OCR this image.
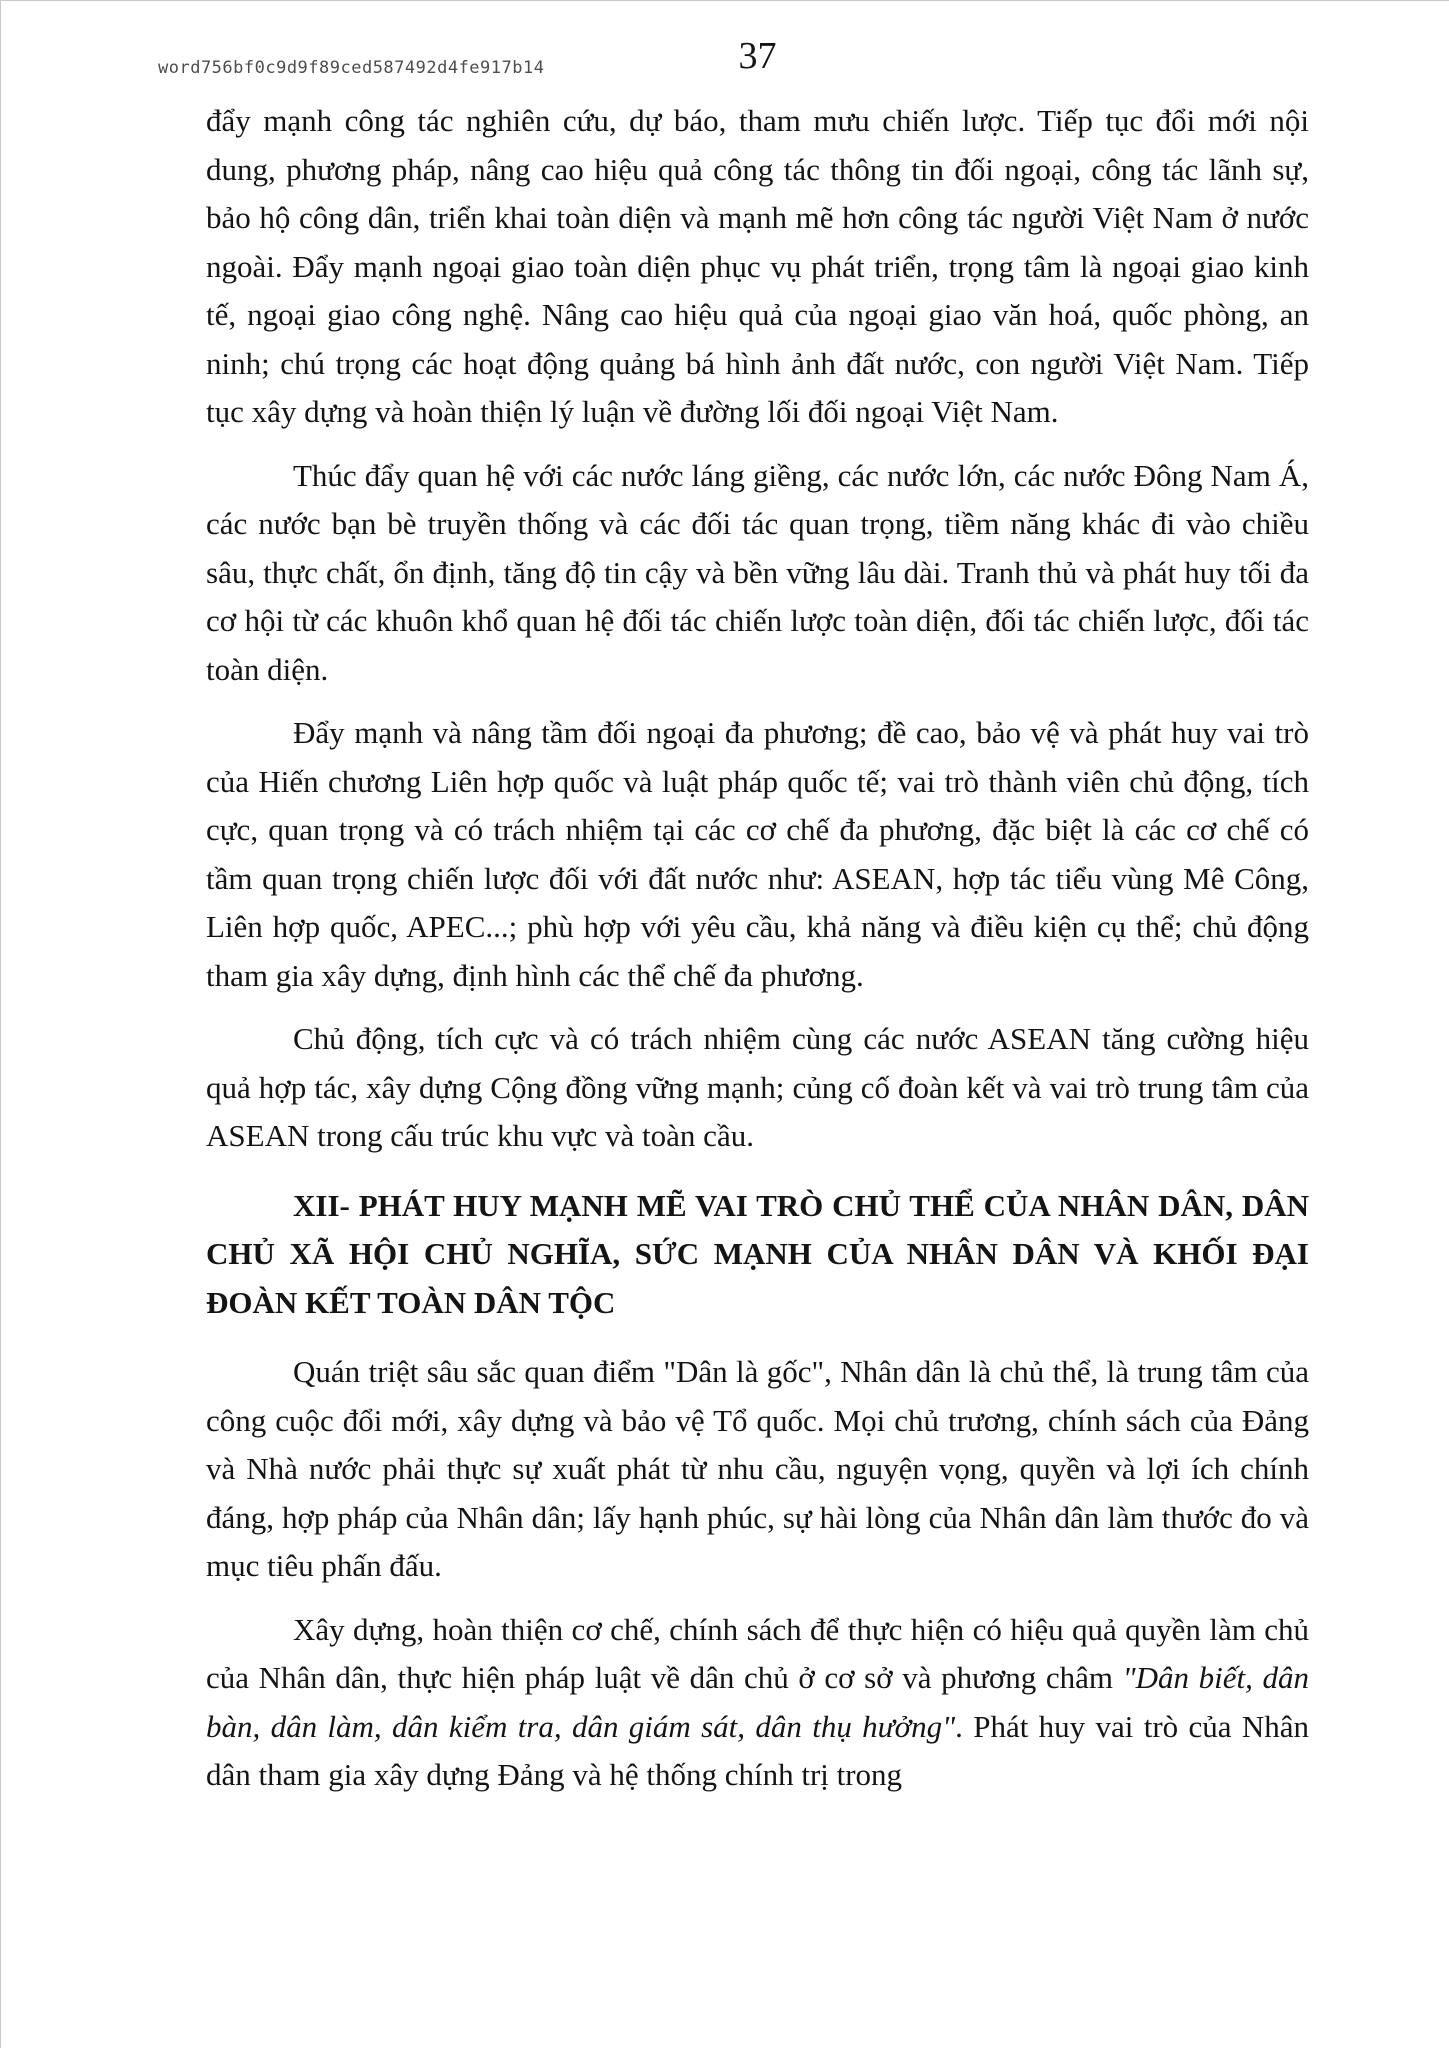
word756bf0c9d9f89ced587492d4fe917b14	37

đẩy mạnh công tác nghiên cứu, dự báo, tham mưu chiến lược. Tiếp tục đổi mới nội dung, phương pháp, nâng cao hiệu quả công tác thông tin đối ngoại, công tác lãnh sự, bảo hộ công dân, triển khai toàn diện và mạnh mẽ hơn công tác người Việt Nam ở nước ngoài. Đẩy mạnh ngoại giao toàn diện phục vụ phát triển, trọng tâm là ngoại giao kinh tế, ngoại giao công nghệ. Nâng cao hiệu quả của ngoại giao văn hoá, quốc phòng, an ninh; chú trọng các hoạt động quảng bá hình ảnh đất nước, con người Việt Nam. Tiếp tục xây dựng và hoàn thiện lý luận về đường lối đối ngoại Việt Nam.

Thúc đẩy quan hệ với các nước láng giềng, các nước lớn, các nước Đông Nam Á, các nước bạn bè truyền thống và các đối tác quan trọng, tiềm năng khác đi vào chiều sâu, thực chất, ổn định, tăng độ tin cậy và bền vững lâu dài. Tranh thủ và phát huy tối đa cơ hội từ các khuôn khổ quan hệ đối tác chiến lược toàn diện, đối tác chiến lược, đối tác toàn diện.

Đẩy mạnh và nâng tầm đối ngoại đa phương; đề cao, bảo vệ và phát huy vai trò của Hiến chương Liên hợp quốc và luật pháp quốc tế; vai trò thành viên chủ động, tích cực, quan trọng và có trách nhiệm tại các cơ chế đa phương, đặc biệt là các cơ chế có tầm quan trọng chiến lược đối với đất nước như: ASEAN, hợp tác tiểu vùng Mê Công, Liên hợp quốc, APEC...; phù hợp với yêu cầu, khả năng và điều kiện cụ thể; chủ động tham gia xây dựng, định hình các thể chế đa phương.

Chủ động, tích cực và có trách nhiệm cùng các nước ASEAN tăng cường hiệu quả hợp tác, xây dựng Cộng đồng vững mạnh; củng cố đoàn kết và vai trò trung tâm của ASEAN trong cấu trúc khu vực và toàn cầu.

XII- PHÁT HUY MẠNH MẼ VAI TRÒ CHỦ THỂ CỦA NHÂN DÂN, DÂN CHỦ XÃ HỘI CHỦ NGHĨA, SỨC MẠNH CỦA NHÂN DÂN VÀ KHỐI ĐẠI ĐOÀN KẾT TOÀN DÂN TỘC

Quán triệt sâu sắc quan điểm "Dân là gốc", Nhân dân là chủ thể, là trung tâm của công cuộc đổi mới, xây dựng và bảo vệ Tổ quốc. Mọi chủ trương, chính sách của Đảng và Nhà nước phải thực sự xuất phát từ nhu cầu, nguyện vọng, quyền và lợi ích chính đáng, hợp pháp của Nhân dân; lấy hạnh phúc, sự hài lòng của Nhân dân làm thước đo và mục tiêu phấn đấu.

Xây dựng, hoàn thiện cơ chế, chính sách để thực hiện có hiệu quả quyền làm chủ của Nhân dân, thực hiện pháp luật về dân chủ ở cơ sở và phương châm "Dân biết, dân bàn, dân làm, dân kiểm tra, dân giám sát, dân thụ hưởng". Phát huy vai trò của Nhân dân tham gia xây dựng Đảng và hệ thống chính trị trong
